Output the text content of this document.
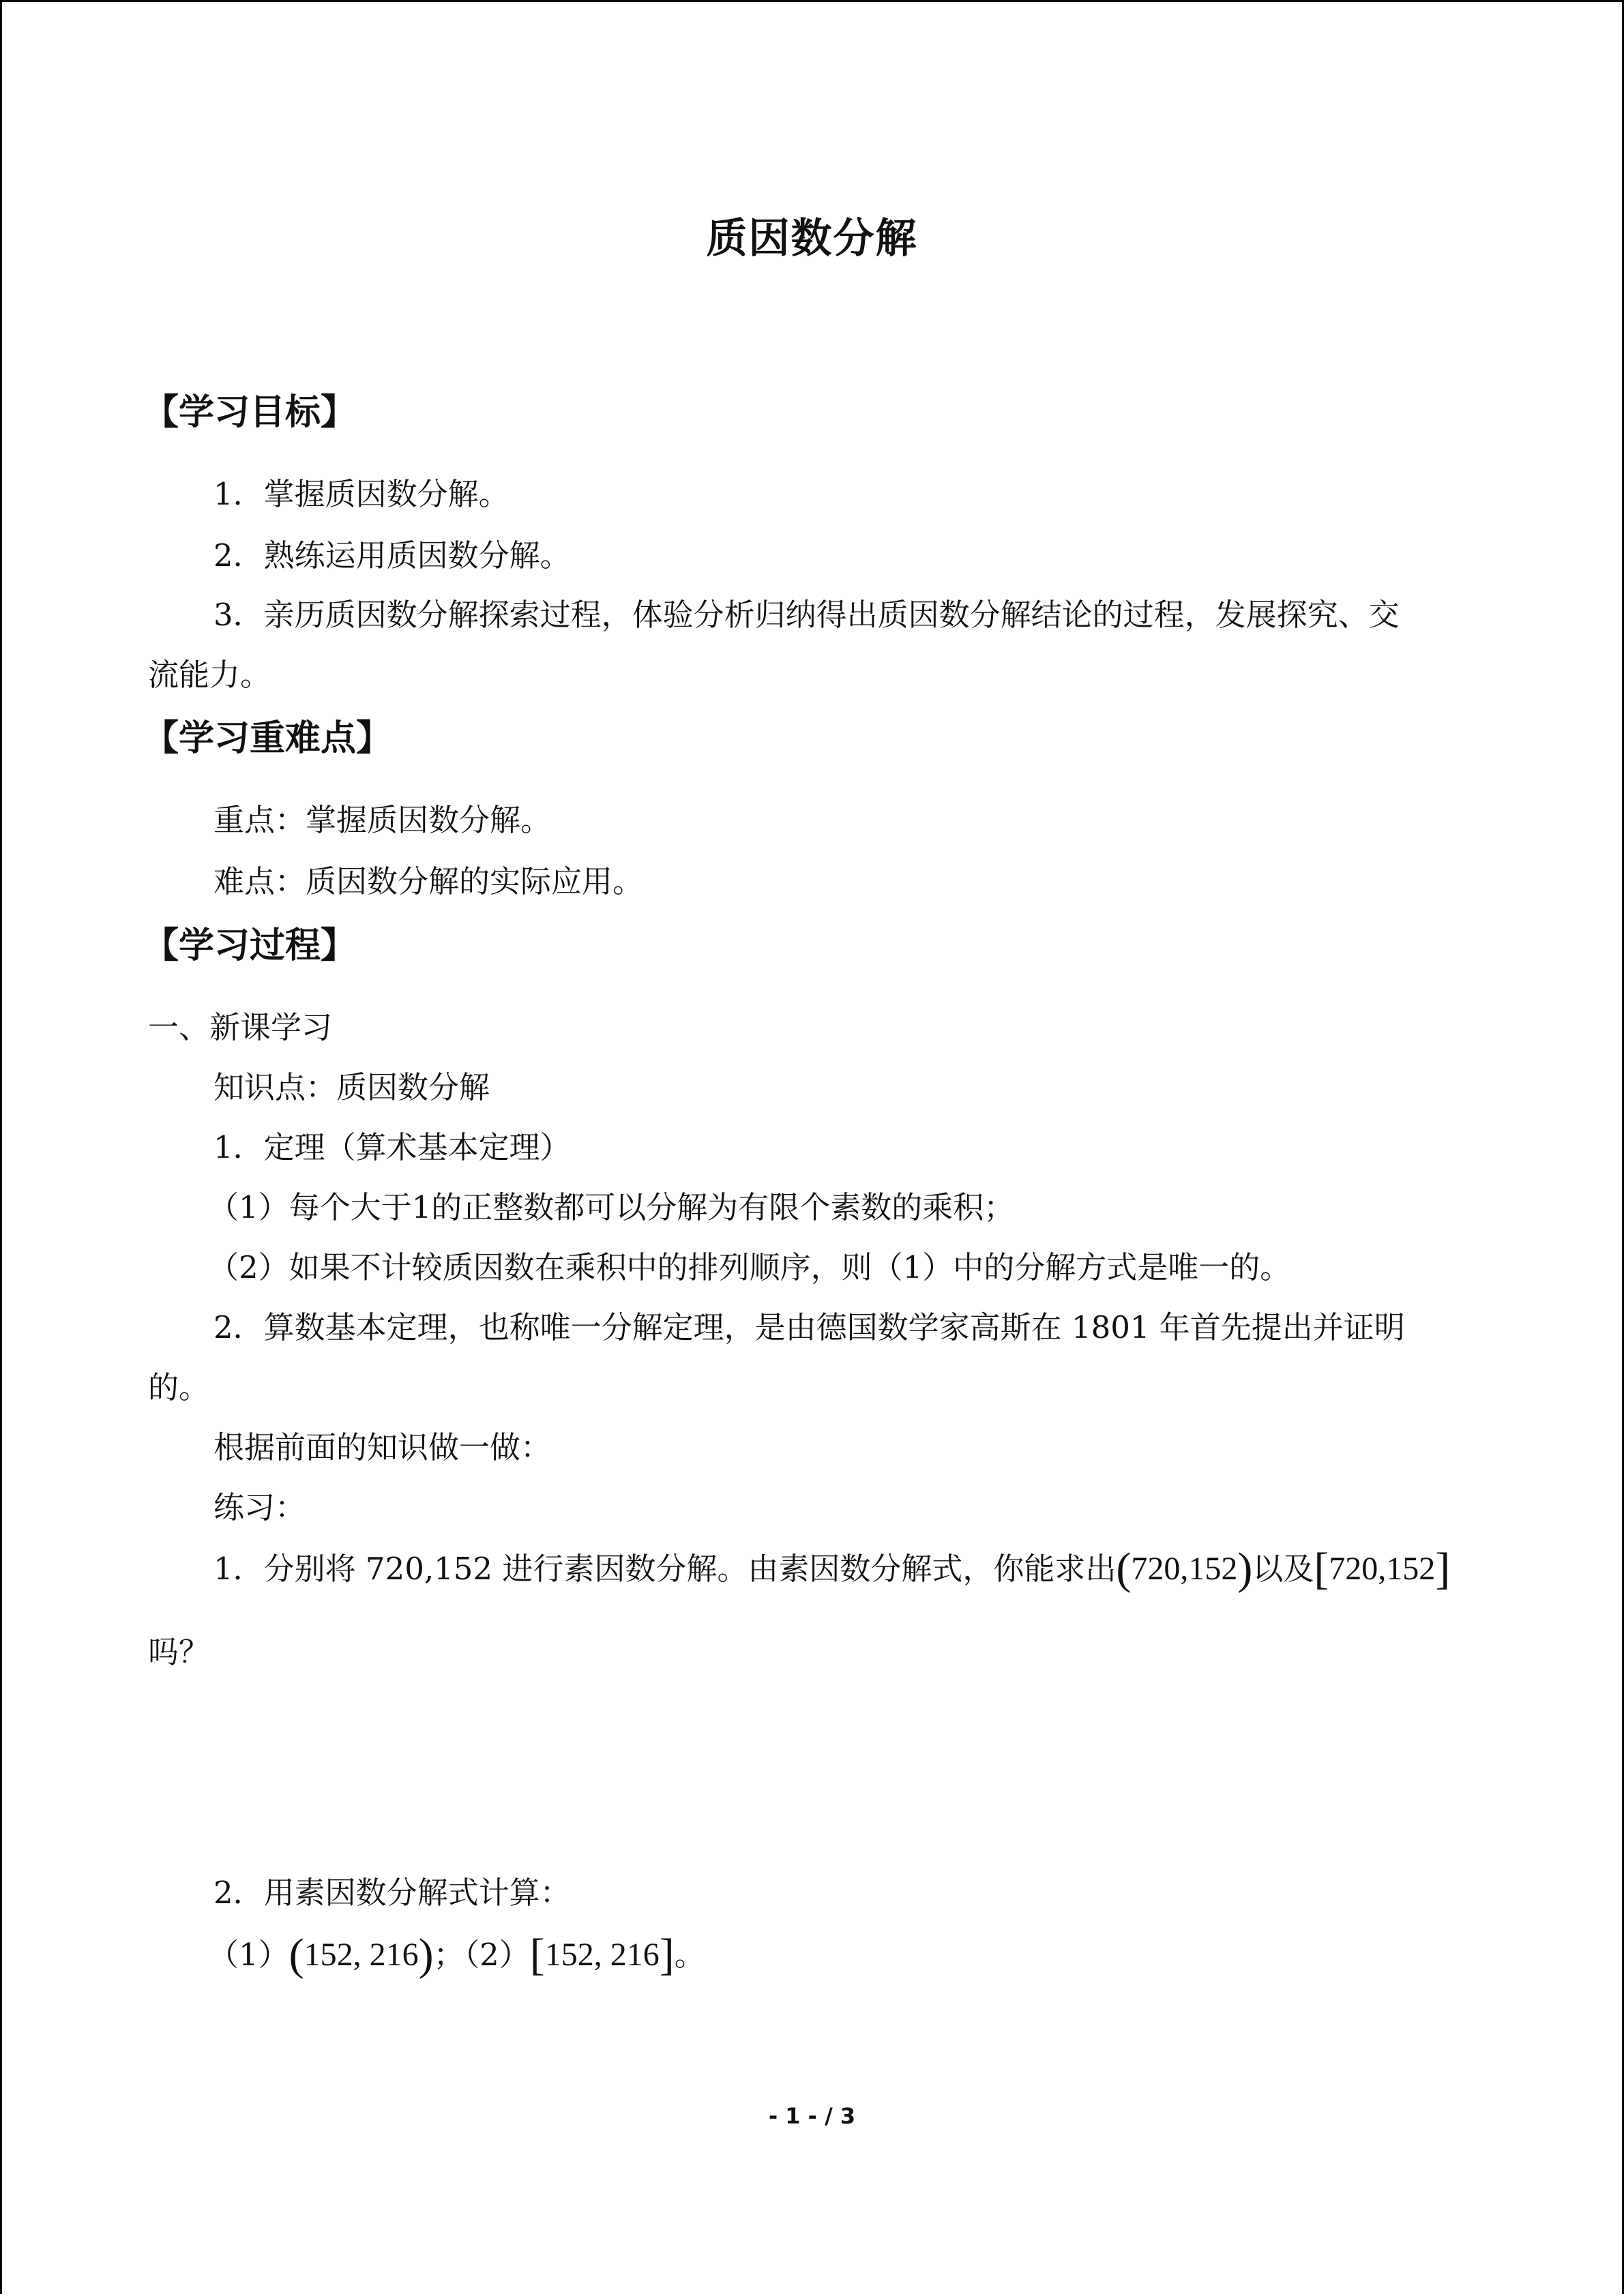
质因数分解
【学习目标】
1．掌握质因数分解。
2．熟练运用质因数分解。
3．亲历质因数分解探索过程，体验分析归纳得出质因数分解结论的过程，发展探究、交
流能力。
【学习重难点】
重点：掌握质因数分解。
难点：质因数分解的实际应用。
【学习过程】
一、新课学习
知识点：质因数分解
1．定理（算术基本定理）
（1）每个大于1的正整数都可以分解为有限个素数的乘积；
（2）如果不计较质因数在乘积中的排列顺序，则（1）中的分解方式是唯一的。
2．算数基本定理，也称唯一分解定理，是由德国数学家高斯在 1801 年首先提出并证明
的。
根据前面的知识做一做：
练习：
1．分别将 720,152 进行素因数分解。由素因数分解式，你能求出(720,152)以及[720,152]
吗？
2．用素因数分解式计算：
（1）(152, 216)；（2）[152, 216]。
- 1 - / 3
